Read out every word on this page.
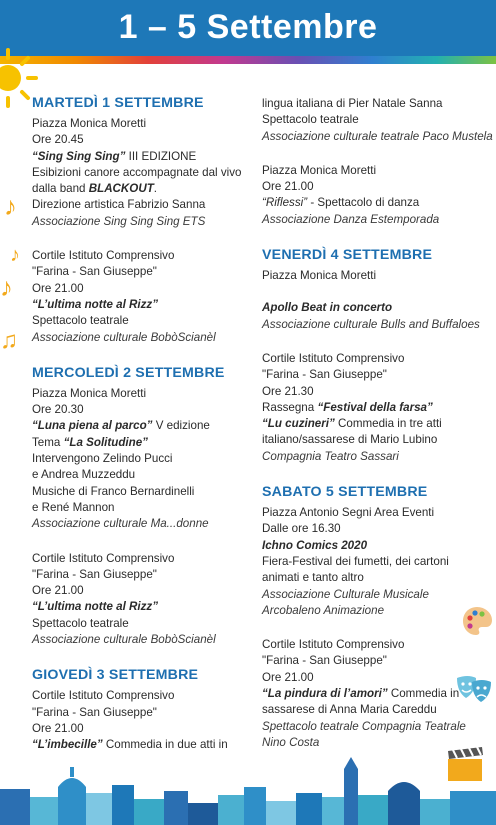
1 – 5 Settembre
♪
♪
♪
♫
MARTEDÌ 1 SETTEMBRE
Piazza Monica Moretti
Ore 20.45
“Sing Sing Sing” III EDIZIONE
Esibizioni canore accompagnate dal vivo
dalla band BLACKOUT.
Direzione artistica Fabrizio Sanna
Associazione Sing Sing Sing ETS
Cortile Istituto Comprensivo
"Farina - San Giuseppe"
Ore 21.00
“L’ultima notte al Rizz”
Spettacolo teatrale
Associazione culturale BobòScianèl
MERCOLEDÌ 2 SETTEMBRE
Piazza Monica Moretti
Ore 20.30
“Luna piena al parco” V edizione
Tema “La Solitudine”
Intervengono Zelindo Pucci
e Andrea Muzzeddu
Musiche di Franco Bernardinelli
e René Mannon
Associazione culturale Ma...donne
Cortile Istituto Comprensivo
"Farina - San Giuseppe"
Ore 21.00
“L’ultima notte al Rizz”
Spettacolo teatrale
Associazione culturale BobòScianèl
GIOVEDÌ 3 SETTEMBRE
Cortile Istituto Comprensivo
"Farina - San Giuseppe"
Ore 21.00
“L’imbecille” Commedia in due atti in
lingua italiana di Pier Natale Sanna
Spettacolo teatrale
Associazione culturale teatrale Paco Mustela
Piazza Monica Moretti
Ore 21.00
“Riflessi” - Spettacolo di danza
Associazione Danza Estemporada
VENERDÌ 4 SETTEMBRE
Piazza Monica Moretti
Apollo Beat in concerto
Associazione culturale Bulls and Buffaloes
Cortile Istituto Comprensivo
"Farina - San Giuseppe"
Ore 21.30
Rassegna “Festival della farsa”
“Lu cuzineri” Commedia in tre atti
italiano/sassarese di Mario Lubino
Compagnia Teatro Sassari
SABATO 5 SETTEMBRE
Piazza Antonio Segni Area Eventi
Dalle ore 16.30
Ichno Comics 2020
Fiera-Festival dei fumetti, dei cartoni
animati e tanto altro
Associazione Culturale Musicale
Arcobaleno Animazione
Cortile Istituto Comprensivo
"Farina - San Giuseppe"
Ore 21.00
“La pindura di l’amori” Commedia in
sassarese di Anna Maria Careddu
Spettacolo teatrale Compagnia Teatrale
Nino Costa
